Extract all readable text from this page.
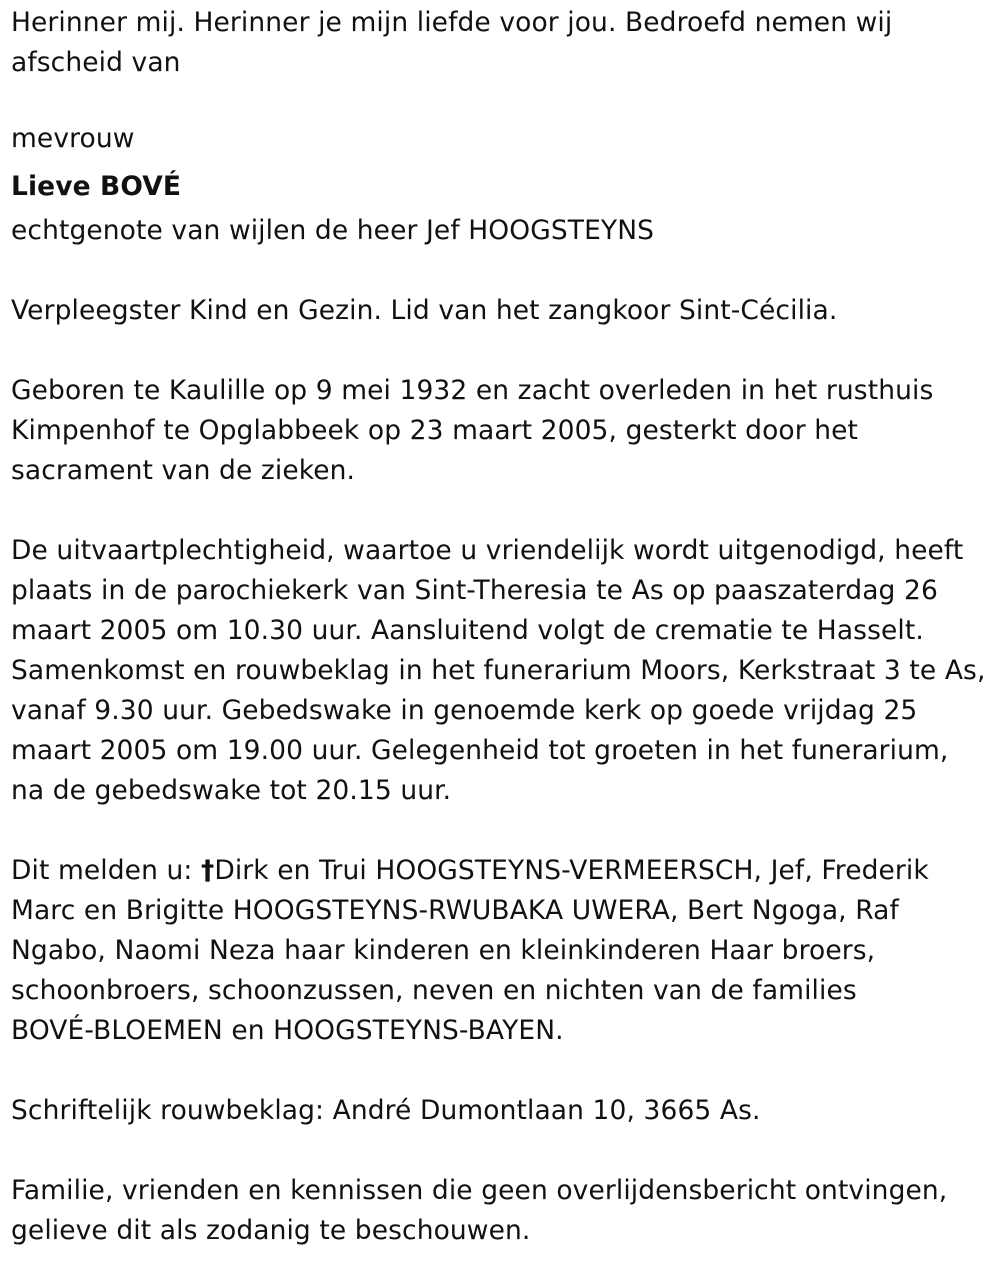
Herinner mij. Herinner je mijn liefde voor jou. Bedroefd nemen wij
afscheid van
mevrouw
Lieve BOVÉ
echtgenote van wijlen de heer Jef HOOGSTEYNS
Verpleegster Kind en Gezin. Lid van het zangkoor Sint-Cécilia.
Geboren te Kaulille op 9 mei 1932 en zacht overleden in het rusthuis
Kimpenhof te Opglabbeek op 23 maart 2005, gesterkt door het
sacrament van de zieken.
De uitvaartplechtigheid, waartoe u vriendelijk wordt uitgenodigd, heeft
plaats in de parochiekerk van Sint-Theresia te As op paaszaterdag 26
maart 2005 om 10.30 uur. Aansluitend volgt de crematie te Hasselt.
Samenkomst en rouwbeklag in het funerarium Moors, Kerkstraat 3 te As,
vanaf 9.30 uur. Gebedswake in genoemde kerk op goede vrijdag 25
maart 2005 om 19.00 uur. Gelegenheid tot groeten in het funerarium,
na de gebedswake tot 20.15 uur.
Dit melden u: †Dirk en Trui HOOGSTEYNS-VERMEERSCH, Jef, Frederik
Marc en Brigitte HOOGSTEYNS-RWUBAKA UWERA, Bert Ngoga, Raf
Ngabo, Naomi Neza haar kinderen en kleinkinderen Haar broers,
schoonbroers, schoonzussen, neven en nichten van de families
BOVÉ-BLOEMEN en HOOGSTEYNS-BAYEN.
Schriftelijk rouwbeklag: André Dumontlaan 10, 3665 As.
Familie, vrienden en kennissen die geen overlijdensbericht ontvingen,
gelieve dit als zodanig te beschouwen.
